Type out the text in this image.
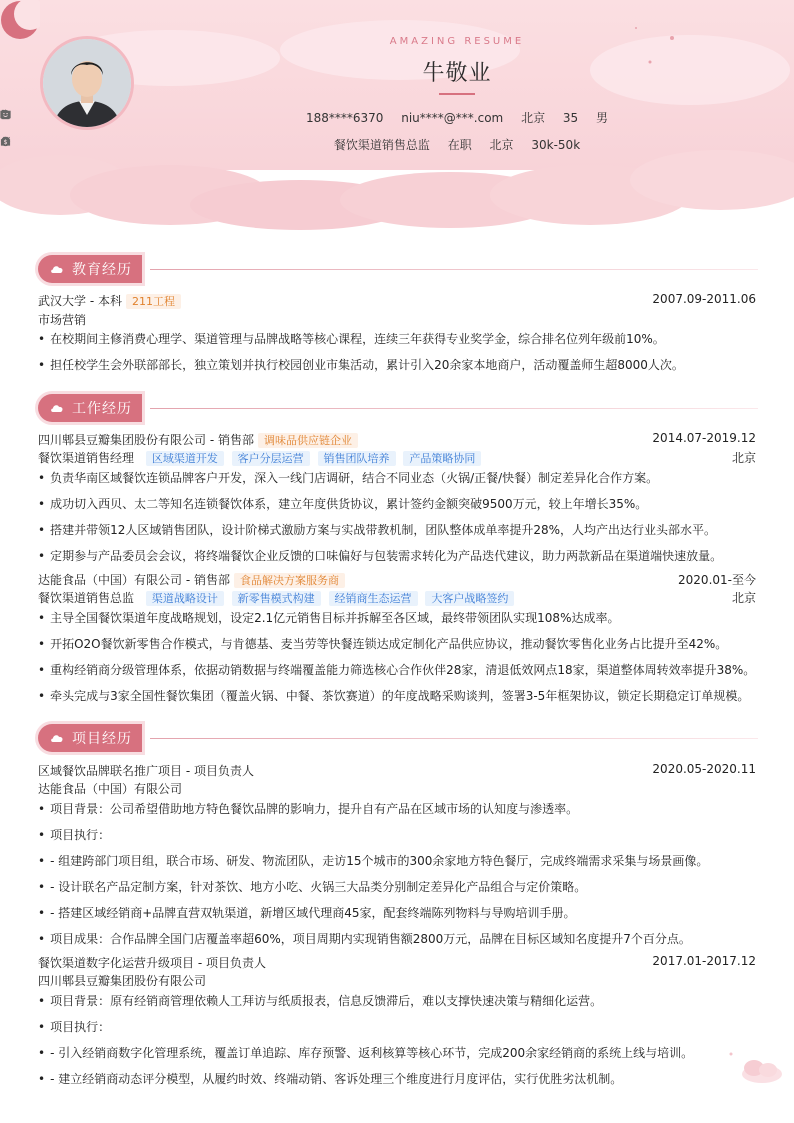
AMAZING RESUME
牛敬业
188****6370
niu****@***.com
北京
35
男
餐饮渠道销售总监
在职
北京

$	30k-50k
教育经历
武汉大学 - 本科 211工程	2007.09-2011.06
市场营销
• 在校期间主修消费心理学、渠道管理与品牌战略等核心课程，连续三年获得专业奖学金，综合排名位列年级前10%。
• 担任校学生会外联部部长，独立策划并执行校园创业市集活动，累计引入20余家本地商户，活动覆盖师生超8000人次。
工作经历
四川郫县豆瓣集团股份有限公司 - 销售部 调味品供应链企业	2014.07-2019.12
餐饮渠道销售经理 区域渠道开发 客户分层运营 销售团队培养 产品策略协同	北京
• 负责华南区域餐饮连锁品牌客户开发，深入一线门店调研，结合不同业态（火锅/正餐/快餐）制定差异化合作方案。
• 成功切入西贝、太二等知名连锁餐饮体系，建立年度供货协议，累计签约金额突破9500万元，较上年增长35%。
• 搭建并带领12人区域销售团队，设计阶梯式激励方案与实战带教机制，团队整体成单率提升28%，人均产出达行业头部水平。
• 定期参与产品委员会会议，将终端餐饮企业反馈的口味偏好与包装需求转化为产品迭代建议，助力两款新品在渠道端快速放量。
达能食品（中国）有限公司 - 销售部 食品解决方案服务商	2020.01-至今
餐饮渠道销售总监 渠道战略设计 新零售模式构建 经销商生态运营 大客户战略签约	北京
• 主导全国餐饮渠道年度战略规划，设定2.1亿元销售目标并拆解至各区域，最终带领团队实现108%达成率。
• 开拓O2O餐饮新零售合作模式，与肯德基、麦当劳等快餐连锁达成定制化产品供应协议，推动餐饮零售化业务占比提升至42%。
• 重构经销商分级管理体系，依据动销数据与终端覆盖能力筛选核心合作伙伴28家，清退低效网点18家，渠道整体周转效率提升38%。
• 牵头完成与3家全国性餐饮集团（覆盖火锅、中餐、茶饮赛道）的年度战略采购谈判，签署3-5年框架协议，锁定长期稳定订单规模。
项目经历
区域餐饮品牌联名推广项目 - 项目负责人	2020.05-2020.11
达能食品（中国）有限公司
• 项目背景：公司希望借助地方特色餐饮品牌的影响力，提升自有产品在区域市场的认知度与渗透率。
• 项目执行：
• - 组建跨部门项目组，联合市场、研发、物流团队，走访15个城市的300余家地方特色餐厅，完成终端需求采集与场景画像。
• - 设计联名产品定制方案，针对茶饮、地方小吃、火锅三大品类分别制定差异化产品组合与定价策略。
• - 搭建区域经销商+品牌直营双轨渠道，新增区域代理商45家，配套终端陈列物料与导购培训手册。
• 项目成果：合作品牌全国门店覆盖率超60%，项目周期内实现销售额2800万元，品牌在目标区域知名度提升7个百分点。
餐饮渠道数字化运营升级项目 - 项目负责人	2017.01-2017.12
四川郫县豆瓣集团股份有限公司
• 项目背景：原有经销商管理依赖人工拜访与纸质报表，信息反馈滞后，难以支撑快速决策与精细化运营。
• 项目执行：
• - 引入经销商数字化管理系统，覆盖订单追踪、库存预警、返利核算等核心环节，完成200余家经销商的系统上线与培训。
• - 建立经销商动态评分模型，从履约时效、终端动销、客诉处理三个维度进行月度评估，实行优胜劣汰机制。
